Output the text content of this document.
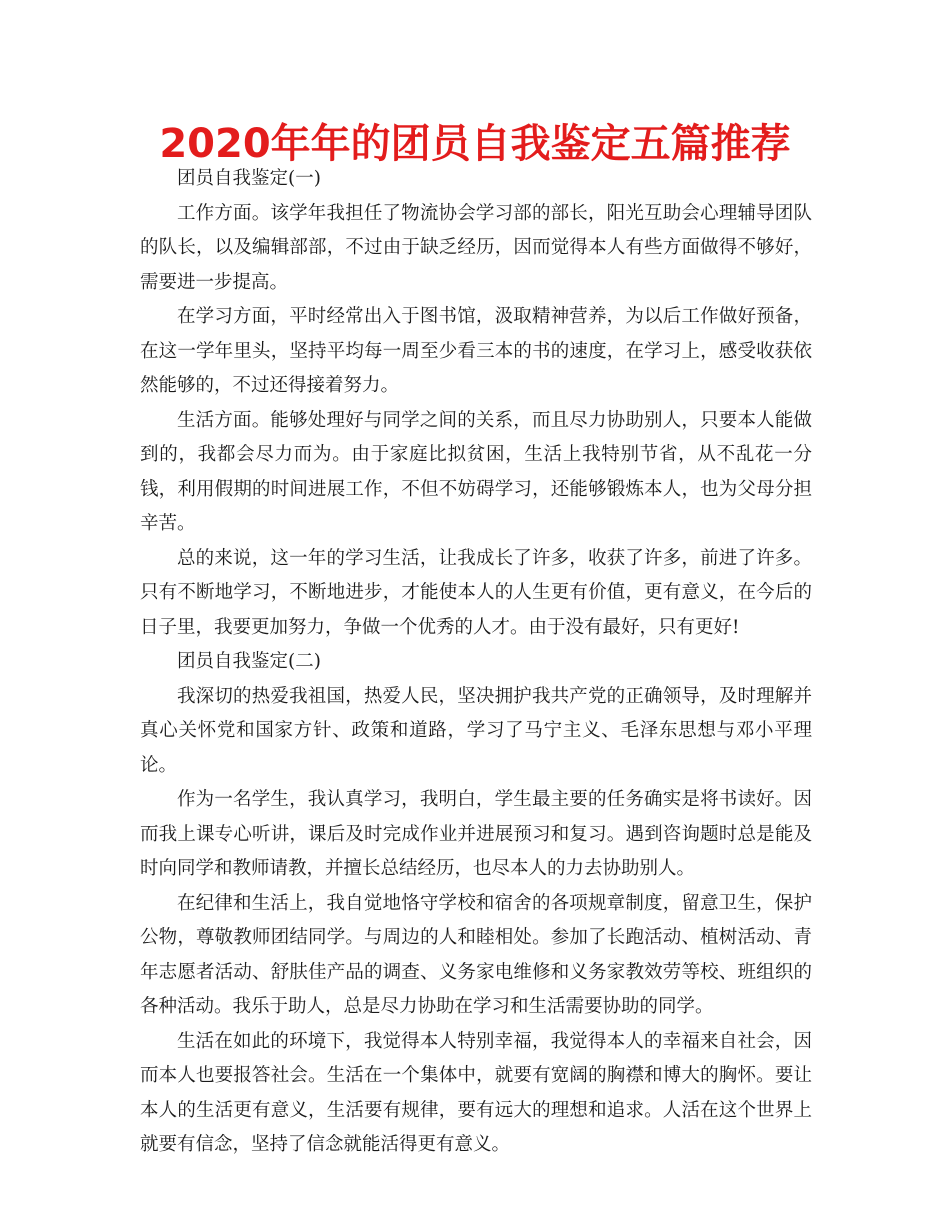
2020年年的团员自我鉴定五篇推荐

团员自我鉴定(一)

工作方面。该学年我担任了物流协会学习部的部长，阳光互助会心理辅导团队的队长，以及编辑部部，不过由于缺乏经历，因而觉得本人有些方面做得不够好，需要进一步提高。

在学习方面，平时经常出入于图书馆，汲取精神营养，为以后工作做好预备，在这一学年里头，坚持平均每一周至少看三本的书的速度，在学习上，感受收获依然能够的，不过还得接着努力。

生活方面。能够处理好与同学之间的关系，而且尽力协助别人，只要本人能做到的，我都会尽力而为。由于家庭比拟贫困，生活上我特别节省，从不乱花一分钱，利用假期的时间进展工作，不但不妨碍学习，还能够锻炼本人，也为父母分担辛苦。

总的来说，这一年的学习生活，让我成长了许多，收获了许多，前进了许多。只有不断地学习，不断地进步，才能使本人的人生更有价值，更有意义，在今后的日子里，我要更加努力，争做一个优秀的人才。由于没有最好，只有更好!

团员自我鉴定(二)

我深切的热爱我祖国，热爱人民，坚决拥护我共产党的正确领导，及时理解并真心关怀党和国家方针、政策和道路，学习了马宁主义、毛泽东思想与邓小平理论。

作为一名学生，我认真学习，我明白，学生最主要的任务确实是将书读好。因而我上课专心听讲，课后及时完成作业并进展预习和复习。遇到咨询题时总是能及时向同学和教师请教，并擅长总结经历，也尽本人的力去协助别人。

在纪律和生活上，我自觉地恪守学校和宿舍的各项规章制度，留意卫生，保护公物，尊敬教师团结同学。与周边的人和睦相处。参加了长跑活动、植树活动、青年志愿者活动、舒肤佳产品的调查、义务家电维修和义务家教效劳等校、班组织的各种活动。我乐于助人，总是尽力协助在学习和生活需要协助的同学。

生活在如此的环境下，我觉得本人特别幸福，我觉得本人的幸福来自社会，因而本人也要报答社会。生活在一个集体中，就要有宽阔的胸襟和博大的胸怀。要让本人的生活更有意义，生活要有规律，要有远大的理想和追求。人活在这个世界上就要有信念，坚持了信念就能活得更有意义。
